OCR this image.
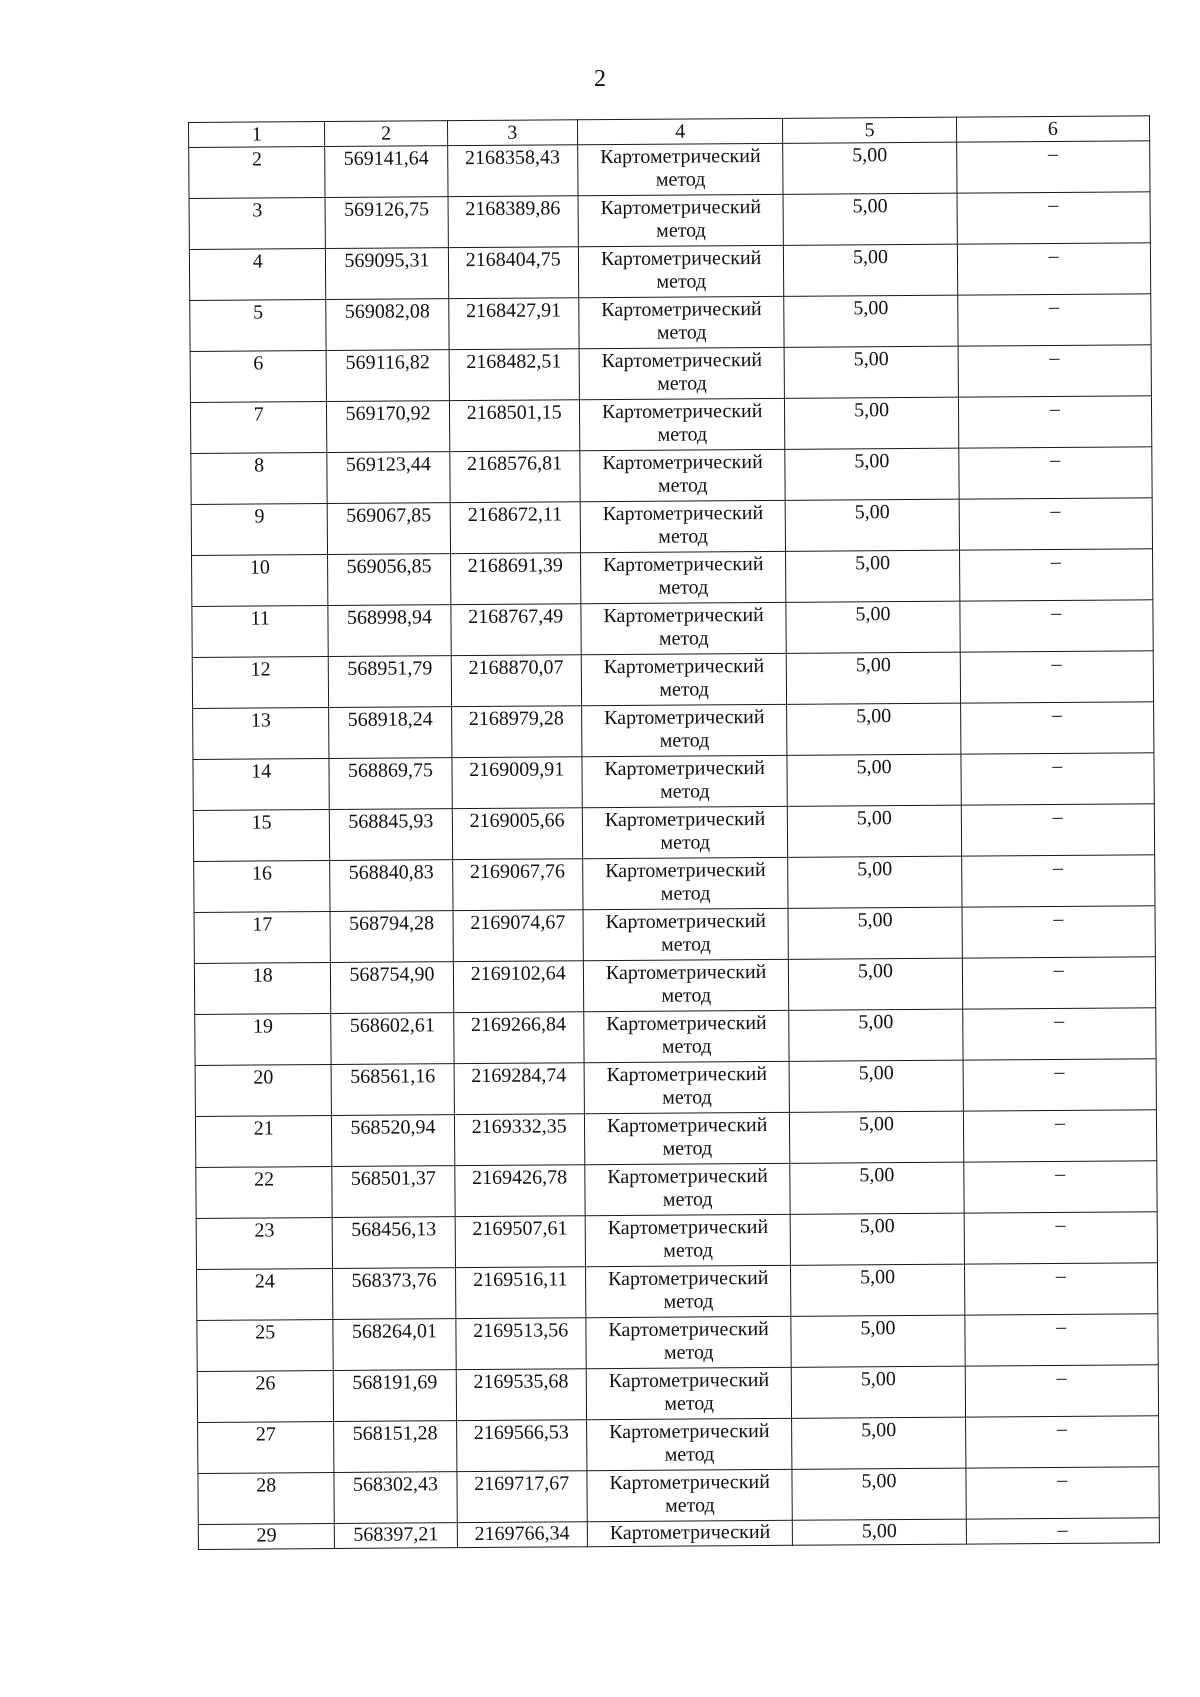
2
1	2	3	4	5	6
2	569141,64	2168358,43	Картометрический метод	5,00	–
3	569126,75	2168389,86	Картометрический метод	5,00	–
4	569095,31	2168404,75	Картометрический метод	5,00	–
5	569082,08	2168427,91	Картометрический метод	5,00	–
6	569116,82	2168482,51	Картометрический метод	5,00	–
7	569170,92	2168501,15	Картометрический метод	5,00	–
8	569123,44	2168576,81	Картометрический метод	5,00	–
9	569067,85	2168672,11	Картометрический метод	5,00	–
10	569056,85	2168691,39	Картометрический метод	5,00	–
11	568998,94	2168767,49	Картометрический метод	5,00	–
12	568951,79	2168870,07	Картометрический метод	5,00	–
13	568918,24	2168979,28	Картометрический метод	5,00	–
14	568869,75	2169009,91	Картометрический метод	5,00	–
15	568845,93	2169005,66	Картометрический метод	5,00	–
16	568840,83	2169067,76	Картометрический метод	5,00	–
17	568794,28	2169074,67	Картометрический метод	5,00	–
18	568754,90	2169102,64	Картометрический метод	5,00	–
19	568602,61	2169266,84	Картометрический метод	5,00	–
20	568561,16	2169284,74	Картометрический метод	5,00	–
21	568520,94	2169332,35	Картометрический метод	5,00	–
22	568501,37	2169426,78	Картометрический метод	5,00	–
23	568456,13	2169507,61	Картометрический метод	5,00	–
24	568373,76	2169516,11	Картометрический метод	5,00	–
25	568264,01	2169513,56	Картометрический метод	5,00	–
26	568191,69	2169535,68	Картометрический метод	5,00	–
27	568151,28	2169566,53	Картометрический метод	5,00	–
28	568302,43	2169717,67	Картометрический метод	5,00	–
29	568397,21	2169766,34	Картометрический	5,00	–
